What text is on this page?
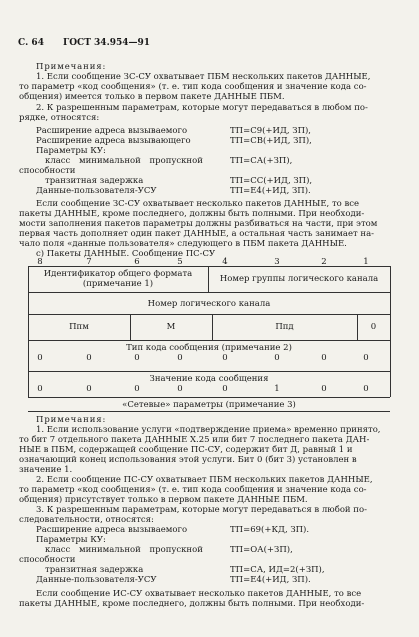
С. 64 ГОСТ 34.954—91
Примечания:
1. Если сообщение ЗС-СУ охватывает ПБМ нескольких пакетов ДАННЫЕ,
то параметр «код сообщения» (т. е. тип кода сообщения и значение кода со-
общения) имеется только в первом пакете ДАННЫЕ ПБМ.
2. К разрешенным параметрам, которые могут передаваться в любом по-
рядке, относятся:
Расширение адреса вызываемого	ТП=С9(+ИД, ЗП),
Расширение адреса вызывающего	ТП=СВ(+ИД, ЗП),
Параметры КУ:
класс минимальной пропускной	ТП=СА(+ЗП),
способности
транзитная задержка	ТП=СС(+ИД, ЗП),
Данные-пользователя-УСУ	ТП=Е4(+ИД, ЗП).
Если сообщение ЗС-СУ охватывает несколько пакетов ДАННЫЕ, то все
пакеты ДАННЫЕ, кроме последнего, должны быть полными. При необходи-
мости заполнения пакетов параметры должны разбиваться на части, при этом
первая часть дополняет один пакет ДАННЫЕ, а остальная часть занимает на-
чало поля «данные пользователя» следующего в ПБМ пакета ДАННЫЕ.
с) Пакеты ДАННЫЕ. Сообщение ПС-СУ
8	7	6	5	4	3	2	1
Идентификатор общего формата
(примечание 1)	Номер группы логического канала
Номер логического канала
Ппм	М	Ппд	0
Тип кода сообщения (примечание 2)
0	0	0	0	0	0	0	0
Значение кода сообщения
0	0	0	0	0	1	0	0
«Сетевые» параметры (примечание 3)
Примечания:
1. Если использование услуги «подтверждение приема» временно принято,
то бит 7 отдельного пакета ДАННЫЕ Х.25 или бит 7 последнего пакета ДАН-
НЫЕ в ПБМ, содержащей сообщение ПС-СУ, содержит бит Д, равный 1 и
означающий конец использования этой услуги. Бит 0 (бит 3) установлен в
значение 1.
2. Если сообщение ПС-СУ охватывает ПБМ нескольких пакетов ДАННЫЕ,
то параметр «код сообщения» (т. е. тип кода сообщения и значение кода со-
общения) присутствует только в первом пакете ДАННЫЕ ПБМ.
3. К разрешенным параметрам, которые могут передаваться в любой по-
следовательности, относятся:
Расширение адреса вызываемого	ТП=69(+КД, ЗП).
Параметры КУ:
класс минимальной пропускной	ТП=ОА(+ЗП),
способности
транзитная задержка	ТП=СА, ИД=2(+ЗП),
Данные-пользователя-УСУ	ТП=Е4(+ИД, ЗП).
Если сообщение ИС-СУ охватывает несколько пакетов ДАННЫЕ, то все
пакеты ДАННЫЕ, кроме последнего, должны быть полными. При необходи-
